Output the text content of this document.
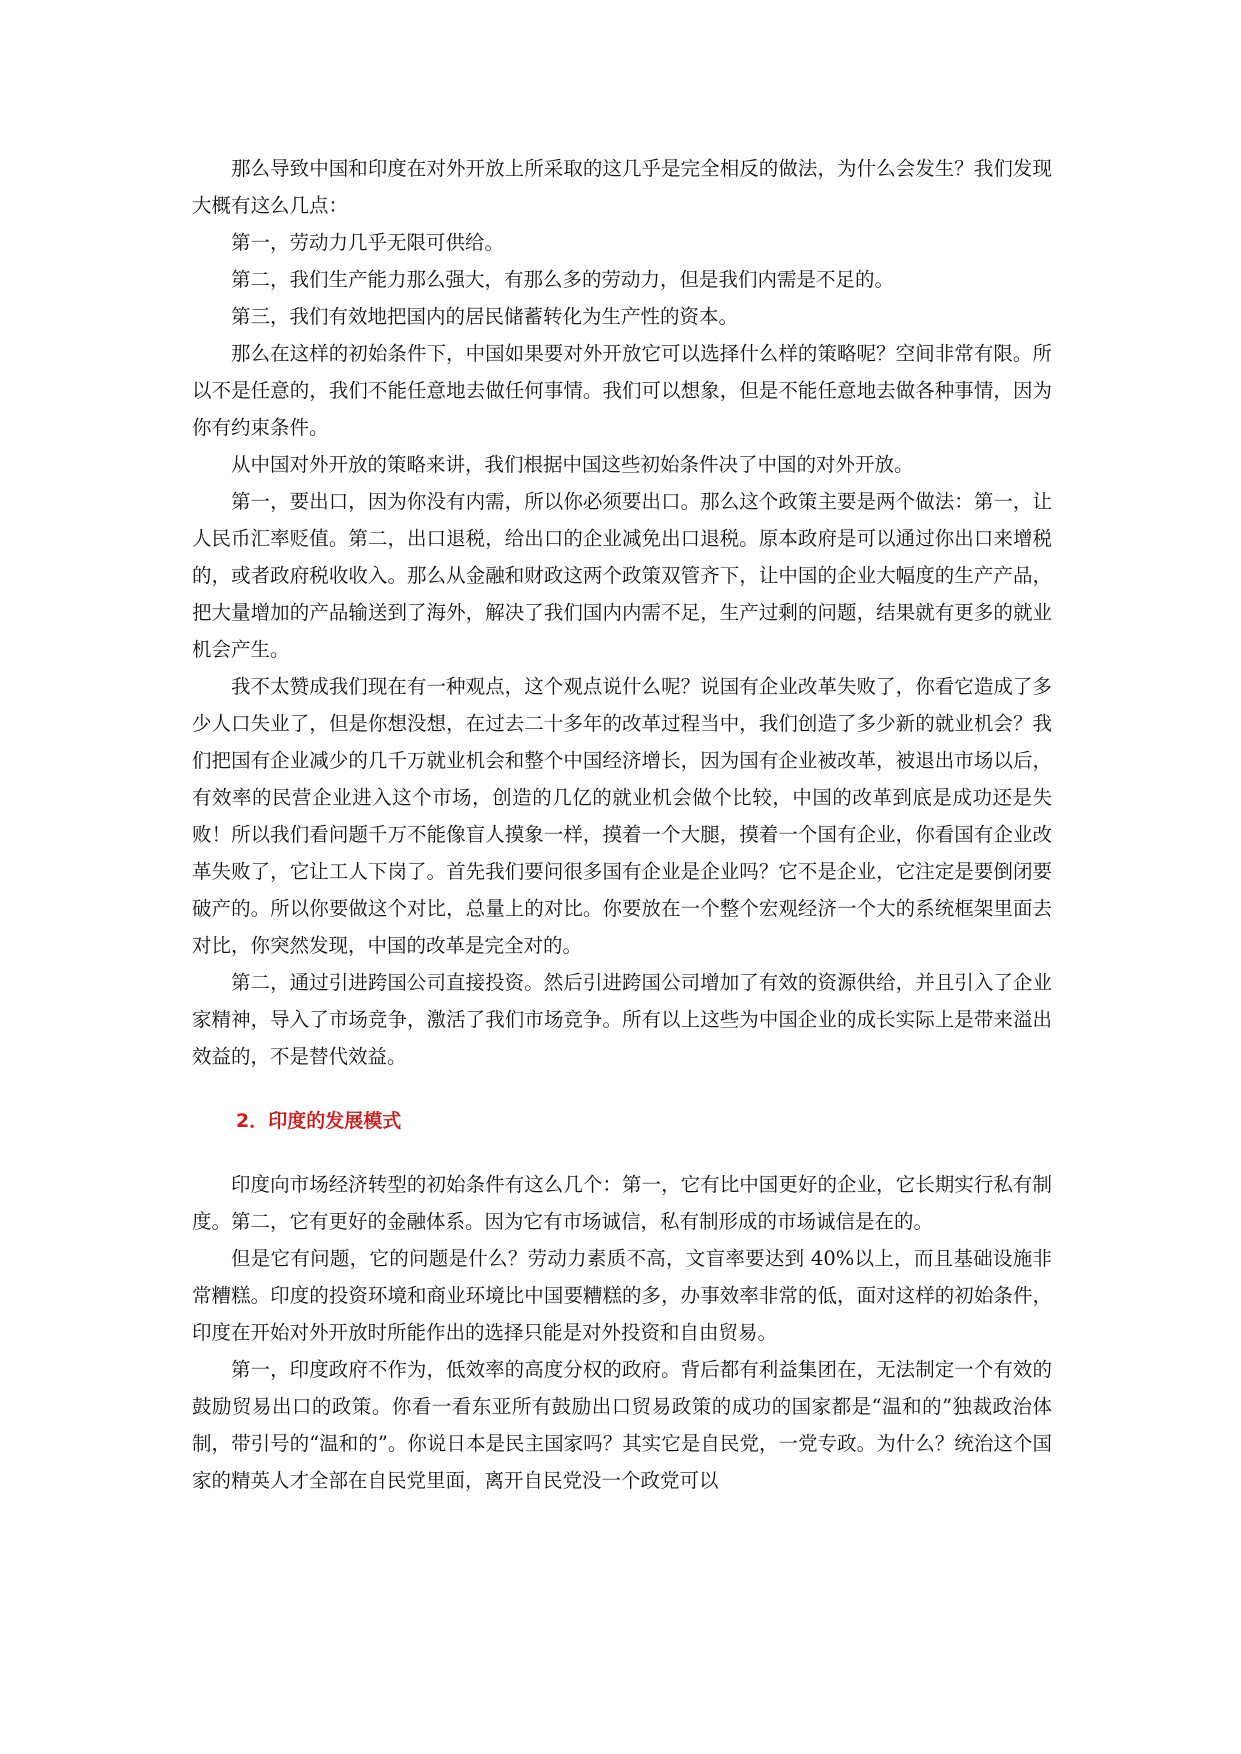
那么导致中国和印度在对外开放上所采取的这几乎是完全相反的做法，为什么会发生？我们发现大概有这么几点：

第一，劳动力几乎无限可供给。

第二，我们生产能力那么强大，有那么多的劳动力，但是我们内需是不足的。

第三，我们有效地把国内的居民储蓄转化为生产性的资本。

那么在这样的初始条件下，中国如果要对外开放它可以选择什么样的策略呢？空间非常有限。所以不是任意的，我们不能任意地去做任何事情。我们可以想象，但是不能任意地去做各种事情，因为你有约束条件。

从中国对外开放的策略来讲，我们根据中国这些初始条件决了中国的对外开放。

第一，要出口，因为你没有内需，所以你必须要出口。那么这个政策主要是两个做法：第一，让人民币汇率贬值。第二，出口退税，给出口的企业减免出口退税。原本政府是可以通过你出口来增税的，或者政府税收收入。那么从金融和财政这两个政策双管齐下，让中国的企业大幅度的生产产品，把大量增加的产品输送到了海外，解决了我们国内内需不足，生产过剩的问题，结果就有更多的就业机会产生。

我不太赞成我们现在有一种观点，这个观点说什么呢？说国有企业改革失败了，你看它造成了多少人口失业了，但是你想没想，在过去二十多年的改革过程当中，我们创造了多少新的就业机会？我们把国有企业减少的几千万就业机会和整个中国经济增长，因为国有企业被改革，被退出市场以后，有效率的民营企业进入这个市场，创造的几亿的就业机会做个比较，中国的改革到底是成功还是失败！所以我们看问题千万不能像盲人摸象一样，摸着一个大腿，摸着一个国有企业，你看国有企业改革失败了，它让工人下岗了。首先我们要问很多国有企业是企业吗？它不是企业，它注定是要倒闭要破产的。所以你要做这个对比，总量上的对比。你要放在一个整个宏观经济一个大的系统框架里面去对比，你突然发现，中国的改革是完全对的。

第二，通过引进跨国公司直接投资。然后引进跨国公司增加了有效的资源供给，并且引入了企业家精神，导入了市场竞争，激活了我们市场竞争。所有以上这些为中国企业的成长实际上是带来溢出效益的，不是替代效益。

2．印度的发展模式

印度向市场经济转型的初始条件有这么几个：第一，它有比中国更好的企业，它长期实行私有制度。第二，它有更好的金融体系。因为它有市场诚信，私有制形成的市场诚信是在的。

但是它有问题，它的问题是什么？劳动力素质不高，文盲率要达到 40%以上，而且基础设施非常糟糕。印度的投资环境和商业环境比中国要糟糕的多，办事效率非常的低，面对这样的初始条件，印度在开始对外开放时所能作出的选择只能是对外投资和自由贸易。

第一，印度政府不作为，低效率的高度分权的政府。背后都有利益集团在，无法制定一个有效的鼓励贸易出口的政策。你看一看东亚所有鼓励出口贸易政策的成功的国家都是“温和的”独裁政治体制，带引号的“温和的”。你说日本是民主国家吗？其实它是自民党，一党专政。为什么？统治这个国家的精英人才全部在自民党里面，离开自民党没一个政党可以
